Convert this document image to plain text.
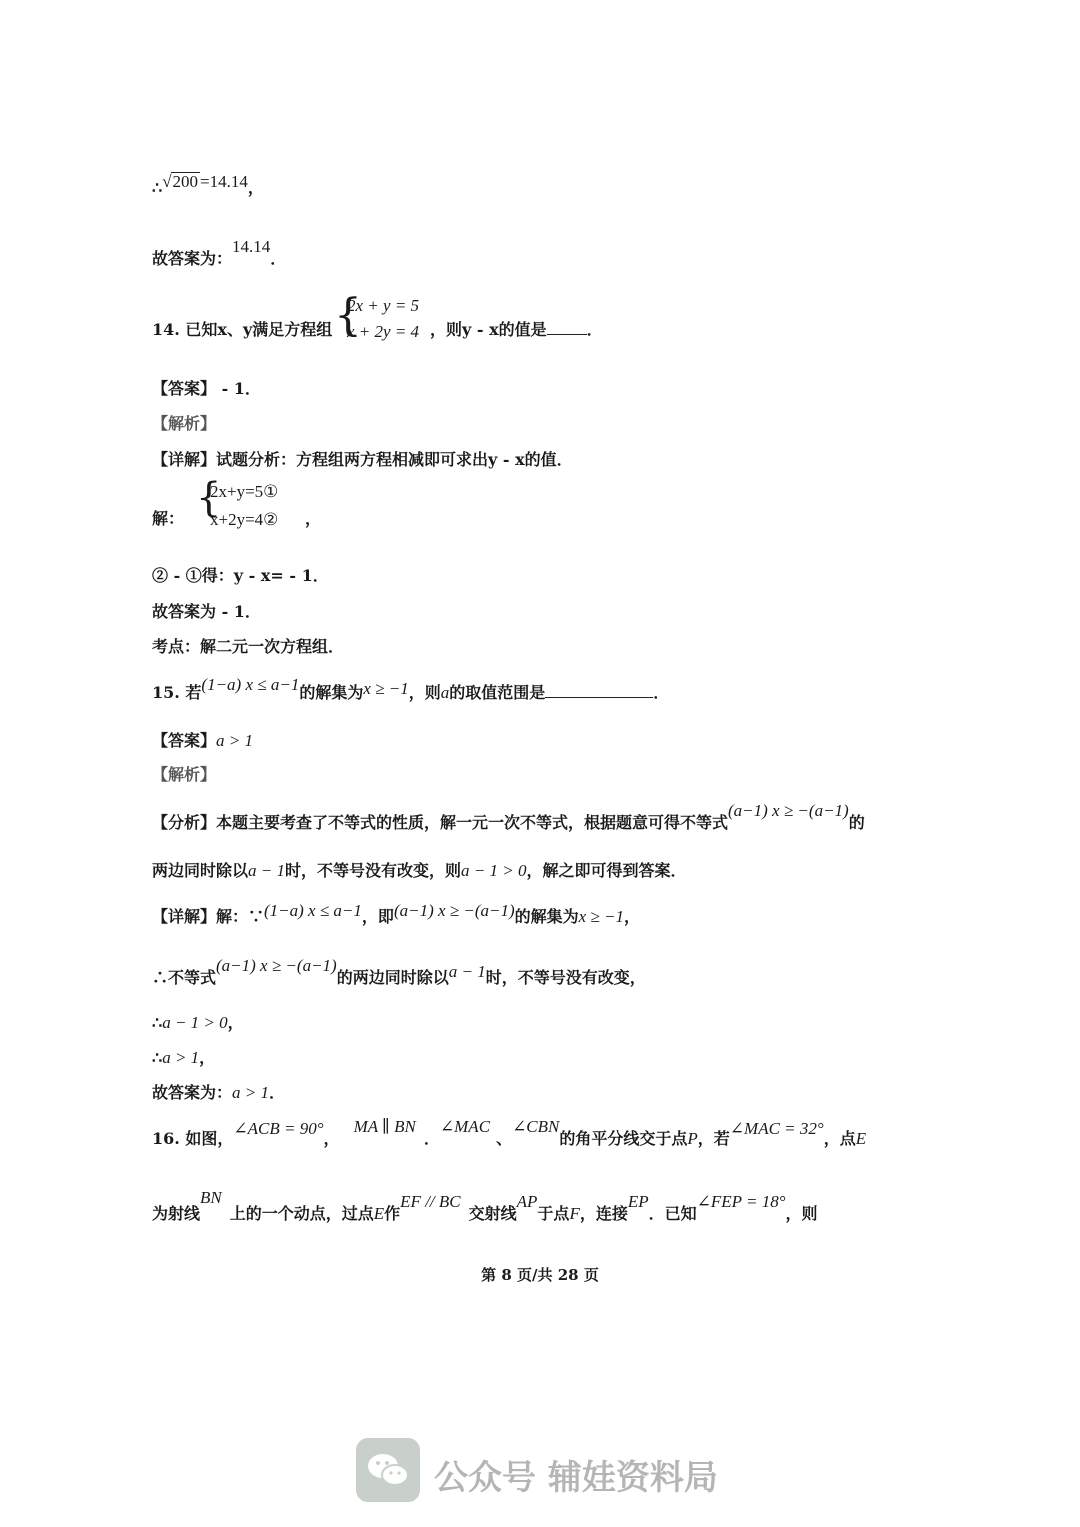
∴√200 =14.14，
故答案为：14.14．
14. 已知x、y满足方程组 {
2x + y = 5
x + 2y = 4 ，则y - x的值是	．
【答案】 - 1．
【解析】
【详解】试题分析：方程组两方程相减即可求出y - x的值．
{
2x+y=5①
x+2y=4②
解：	，
② - ①得：y - x= - 1．
故答案为 - 1．
考点：解二元一次方程组．
15. 若(1−a) x ≤ a−1的解集为x ≥ −1，则a的取值范围是	．
【答案】a > 1
【解析】
【分析】本题主要考查了不等式的性质，解一元一次不等式，根据题意可得不等式(a−1) x ≥ −(a−1)的
两边同时除以a − 1时，不等号没有改变，则a − 1 > 0，解之即可得到答案．
【详解】解：∵(1−a) x ≤ a−1，即(a−1) x ≥ −(a−1)的解集为x ≥ −1，
∴不等式(a−1) x ≥ −(a−1)的两边同时除以a − 1时，不等号没有改变，
∴a − 1 > 0，
∴a > 1，
故答案为：a > 1．
16. 如图，∠ACB = 90°，MA ∥ BN．∠MAC、∠CBN的角平分线交于点P，若∠MAC = 32°，点E
为射线BN上的一个动点，过点E作EF // BC交射线AP于点F，连接EP．已知∠FEP = 18°，则
第 8 页/共 28 页
公众号 辅娃资料局
